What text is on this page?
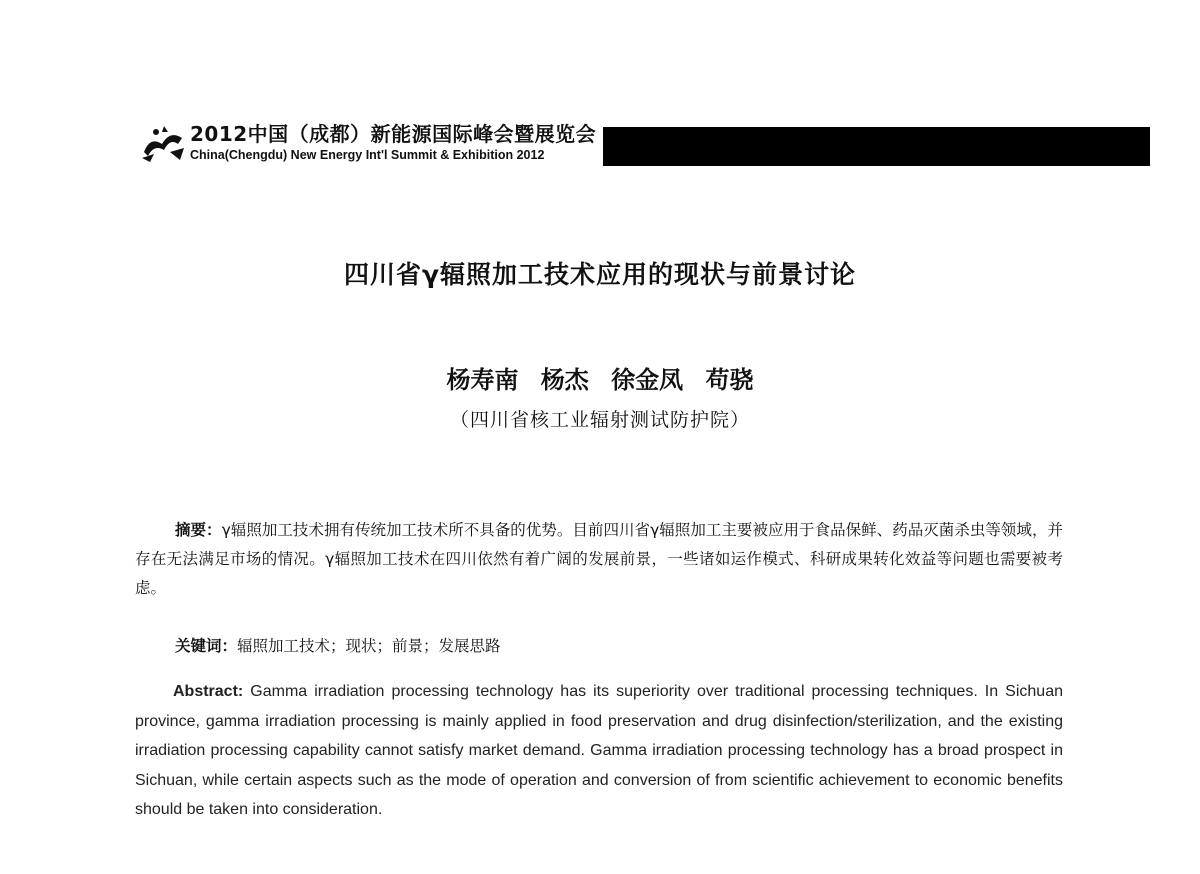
2012中国（成都）新能源国际峰会暨展览会
China(Chengdu) New Energy Int'l Summit & Exhibition 2012
四川省γ辐照加工技术应用的现状与前景讨论
杨寿南 杨杰 徐金凤 苟骁
（四川省核工业辐射测试防护院）
摘要：γ辐照加工技术拥有传统加工技术所不具备的优势。目前四川省γ辐照加工主要被应用于食品保鲜、药品灭菌杀虫等领域，并存在无法满足市场的情况。γ辐照加工技术在四川依然有着广阔的发展前景，一些诸如运作模式、科研成果转化效益等问题也需要被考虑。
关键词：辐照加工技术；现状；前景；发展思路
Abstract: Gamma irradiation processing technology has its superiority over traditional processing techniques. In Sichuan province, gamma irradiation processing is mainly applied in food preservation and drug disinfection/sterilization, and the existing irradiation processing capability cannot satisfy market demand. Gamma irradiation processing technology has a broad prospect in Sichuan, while certain aspects such as the mode of operation and conversion of from scientific achievement to economic benefits should be taken into consideration.
